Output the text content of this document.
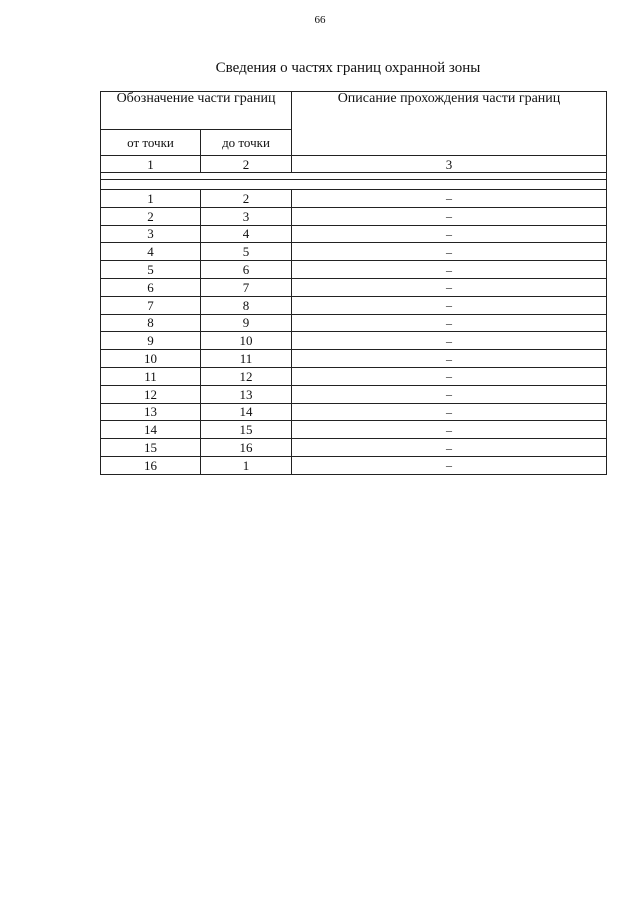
66
Сведения о частях границ охранной зоны
Обозначение части границ		Описание прохождения части границ
от точки	до точки	
1	2	3

1	2	–
2	3	–
3	4	–
4	5	–
5	6	–
6	7	–
7	8	–
8	9	–
9	10	–
10	11	–
11	12	–
12	13	–
13	14	–
14	15	–
15	16	–
16	1	–
